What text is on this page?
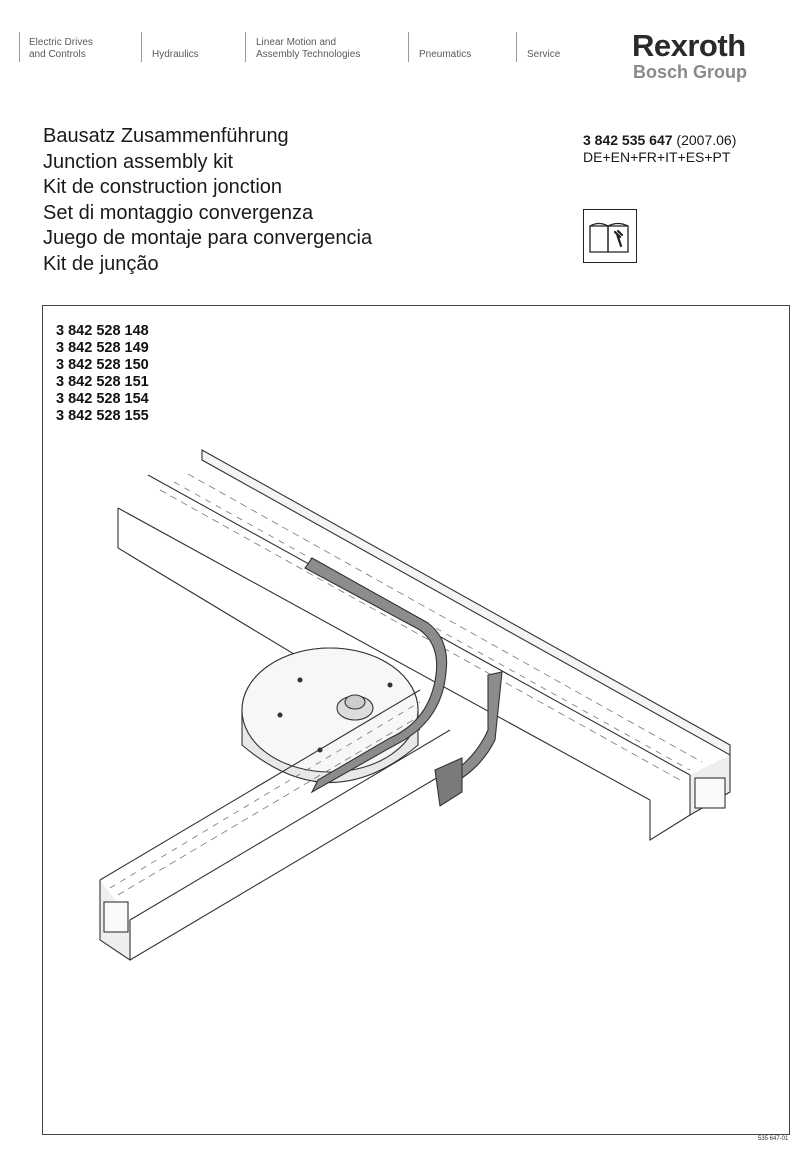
Electric Drives
and Controls	Hydraulics
Linear Motion and
Assembly Technologies	Pneumatics	Service Rexroth
Bosch Group
Bausatz Zusammenführung
Junction assembly kit
Kit de construction jonction
Set di montaggio convergenza
Juego de montaje para convergencia
Kit de junção
3 842 535 647 (2007.06)
DE+EN+FR+IT+ES+PT
3 842 528 148
3 842 528 149
3 842 528 150
3 842 528 151
3 842 528 154
3 842 528 155
535 647-01
